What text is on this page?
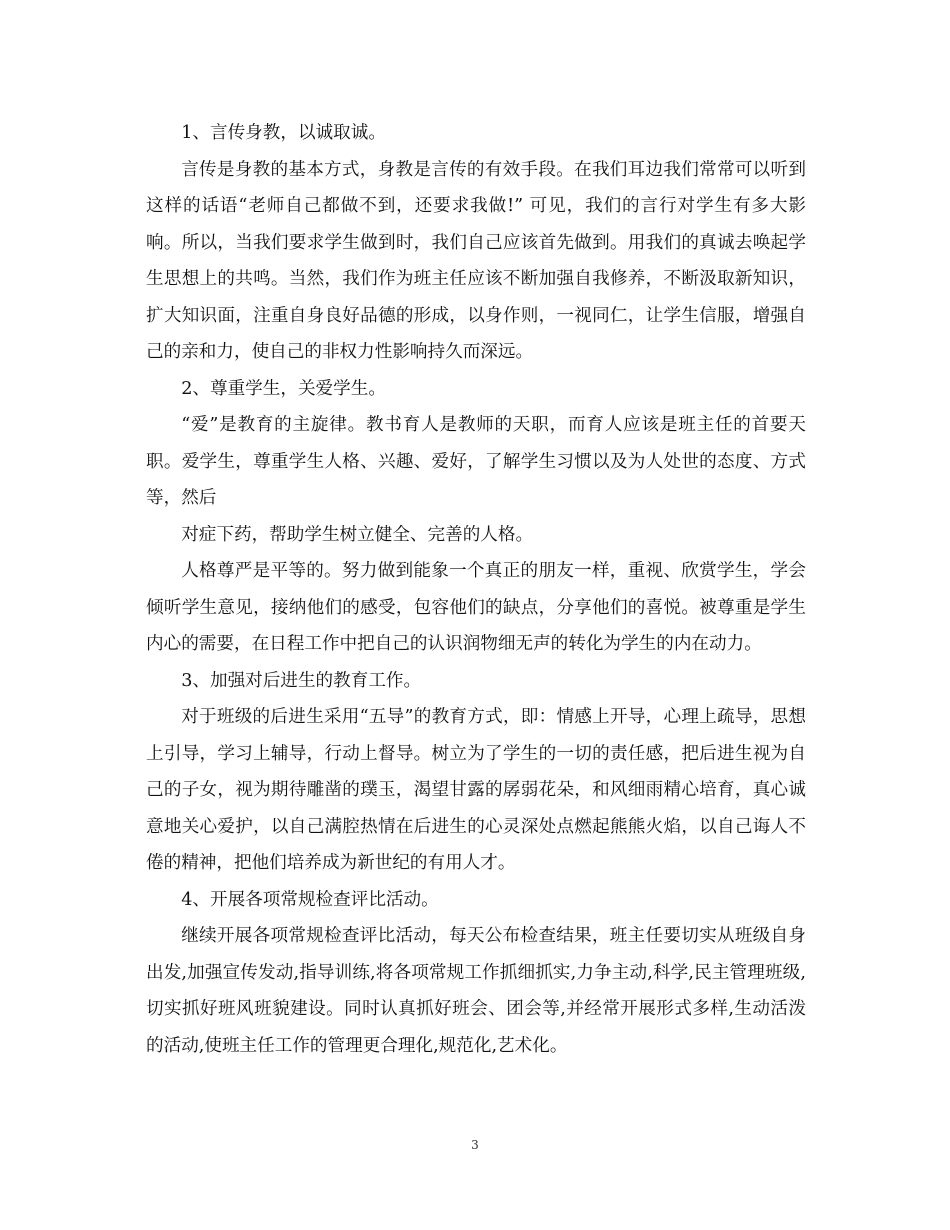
1、言传身教，以诚取诚。

言传是身教的基本方式，身教是言传的有效手段。在我们耳边我们常常可以听到这样的话语“老师自己都做不到，还要求我做!” 可见，我们的言行对学生有多大影响。所以，当我们要求学生做到时，我们自己应该首先做到。用我们的真诚去唤起学生思想上的共鸣。当然，我们作为班主任应该不断加强自我修养，不断汲取新知识，扩大知识面，注重自身良好品德的形成，以身作则，一视同仁，让学生信服，增强自己的亲和力，使自己的非权力性影响持久而深远。

2、尊重学生，关爱学生。

“爱”是教育的主旋律。教书育人是教师的天职，而育人应该是班主任的首要天职。爱学生，尊重学生人格、兴趣、爱好，了解学生习惯以及为人处世的态度、方式等，然后

对症下药，帮助学生树立健全、完善的人格。

人格尊严是平等的。努力做到能象一个真正的朋友一样，重视、欣赏学生，学会倾听学生意见，接纳他们的感受，包容他们的缺点，分享他们的喜悦。被尊重是学生内心的需要，在日程工作中把自己的认识润物细无声的转化为学生的内在动力。

3、加强对后进生的教育工作。

对于班级的后进生采用“五导”的教育方式，即：情感上开导，心理上疏导，思想上引导，学习上辅导，行动上督导。树立为了学生的一切的责任感，把后进生视为自己的子女，视为期待雕凿的璞玉，渴望甘露的孱弱花朵，和风细雨精心培育，真心诚意地关心爱护，以自己满腔热情在后进生的心灵深处点燃起熊熊火焰，以自己诲人不倦的精神，把他们培养成为新世纪的有用人才。

4、开展各项常规检查评比活动。

继续开展各项常规检查评比活动，每天公布检查结果，班主任要切实从班级自身出发,加强宣传发动,指导训练,将各项常规工作抓细抓实,力争主动,科学,民主管理班级,切实抓好班风班貌建设。同时认真抓好班会、团会等,并经常开展形式多样,生动活泼的活动,使班主任工作的管理更合理化,规范化,艺术化。

3
